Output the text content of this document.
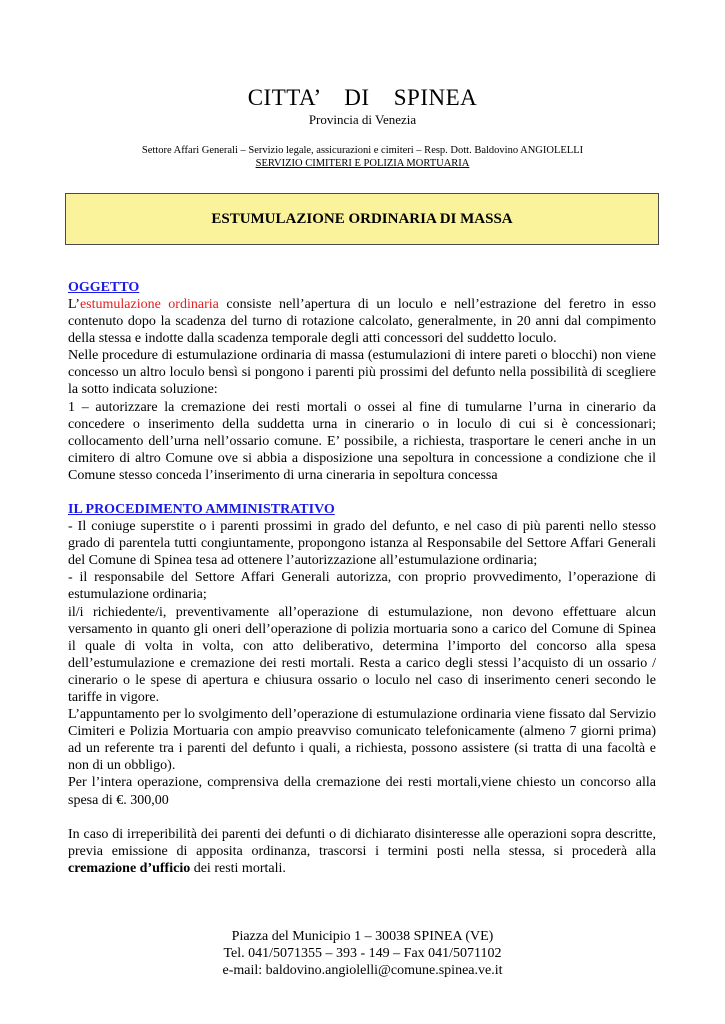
CITTA’ DI SPINEA
Provincia di Venezia
Settore Affari Generali – Servizio legale, assicurazioni e cimiteri – Resp. Dott. Baldovino ANGIOLELLI
SERVIZIO CIMITERI E POLIZIA MORTUARIA
ESTUMULAZIONE ORDINARIA DI MASSA

OGGETTO

L’estumulazione ordinaria consiste nell’apertura di un loculo e nell’estrazione del feretro in esso contenuto dopo la scadenza del turno di rotazione calcolato, generalmente, in 20 anni dal compimento della stessa e indotte dalla scadenza temporale degli atti concessori del suddetto loculo.

Nelle procedure di estumulazione ordinaria di massa (estumulazioni di intere pareti o blocchi) non viene concesso un altro loculo bensì si pongono i parenti più prossimi del defunto nella possibilità di scegliere la sotto indicata soluzione:

1 – autorizzare la cremazione dei resti mortali o ossei al fine di tumularne l’urna in cinerario da concedere o inserimento della suddetta urna in cinerario o in loculo di cui si è concessionari; collocamento dell’urna nell’ossario comune. E’ possibile, a richiesta, trasportare le ceneri anche in un cimitero di altro Comune ove si abbia a disposizione una sepoltura in concessione a condizione che il Comune stesso conceda l’inserimento di urna cineraria in sepoltura concessa

IL PROCEDIMENTO AMMINISTRATIVO

- Il coniuge superstite o i parenti prossimi in grado del defunto, e nel caso di più parenti nello stesso grado di parentela tutti congiuntamente, propongono istanza al Responsabile del Settore Affari Generali del Comune di Spinea tesa ad ottenere l’autorizzazione all’estumulazione ordinaria;

- il responsabile del Settore Affari Generali autorizza, con proprio provvedimento, l’operazione di estumulazione ordinaria;

il/i richiedente/i, preventivamente all’operazione di estumulazione, non devono effettuare alcun versamento in quanto gli oneri dell’operazione di polizia mortuaria sono a carico del Comune di Spinea il quale di volta in volta, con atto deliberativo, determina l’importo del concorso alla spesa dell’estumulazione e cremazione dei resti mortali. Resta a carico degli stessi l’acquisto di un ossario / cinerario o le spese di apertura e chiusura ossario o loculo nel caso di inserimento ceneri secondo le tariffe in vigore.

L’appuntamento per lo svolgimento dell’operazione di estumulazione ordinaria viene fissato dal Servizio Cimiteri e Polizia Mortuaria con ampio preavviso comunicato telefonicamente (almeno 7 giorni prima) ad un referente tra i parenti del defunto i quali, a richiesta, possono assistere (si tratta di una facoltà e non di un obbligo).

Per l’intera operazione, comprensiva della cremazione dei resti mortali,viene chiesto un concorso alla spesa di €. 300,00

In caso di irreperibilità dei parenti dei defunti o di dichiarato disinteresse alle operazioni sopra descritte, previa emissione di apposita ordinanza, trascorsi i termini posti nella stessa, si procederà alla cremazione d’ufficio dei resti mortali.

Piazza del Municipio 1 – 30038 SPINEA (VE)
Tel. 041/5071355 – 393 - 149 – Fax 041/5071102
e-mail: baldovino.angiolelli@comune.spinea.ve.it
